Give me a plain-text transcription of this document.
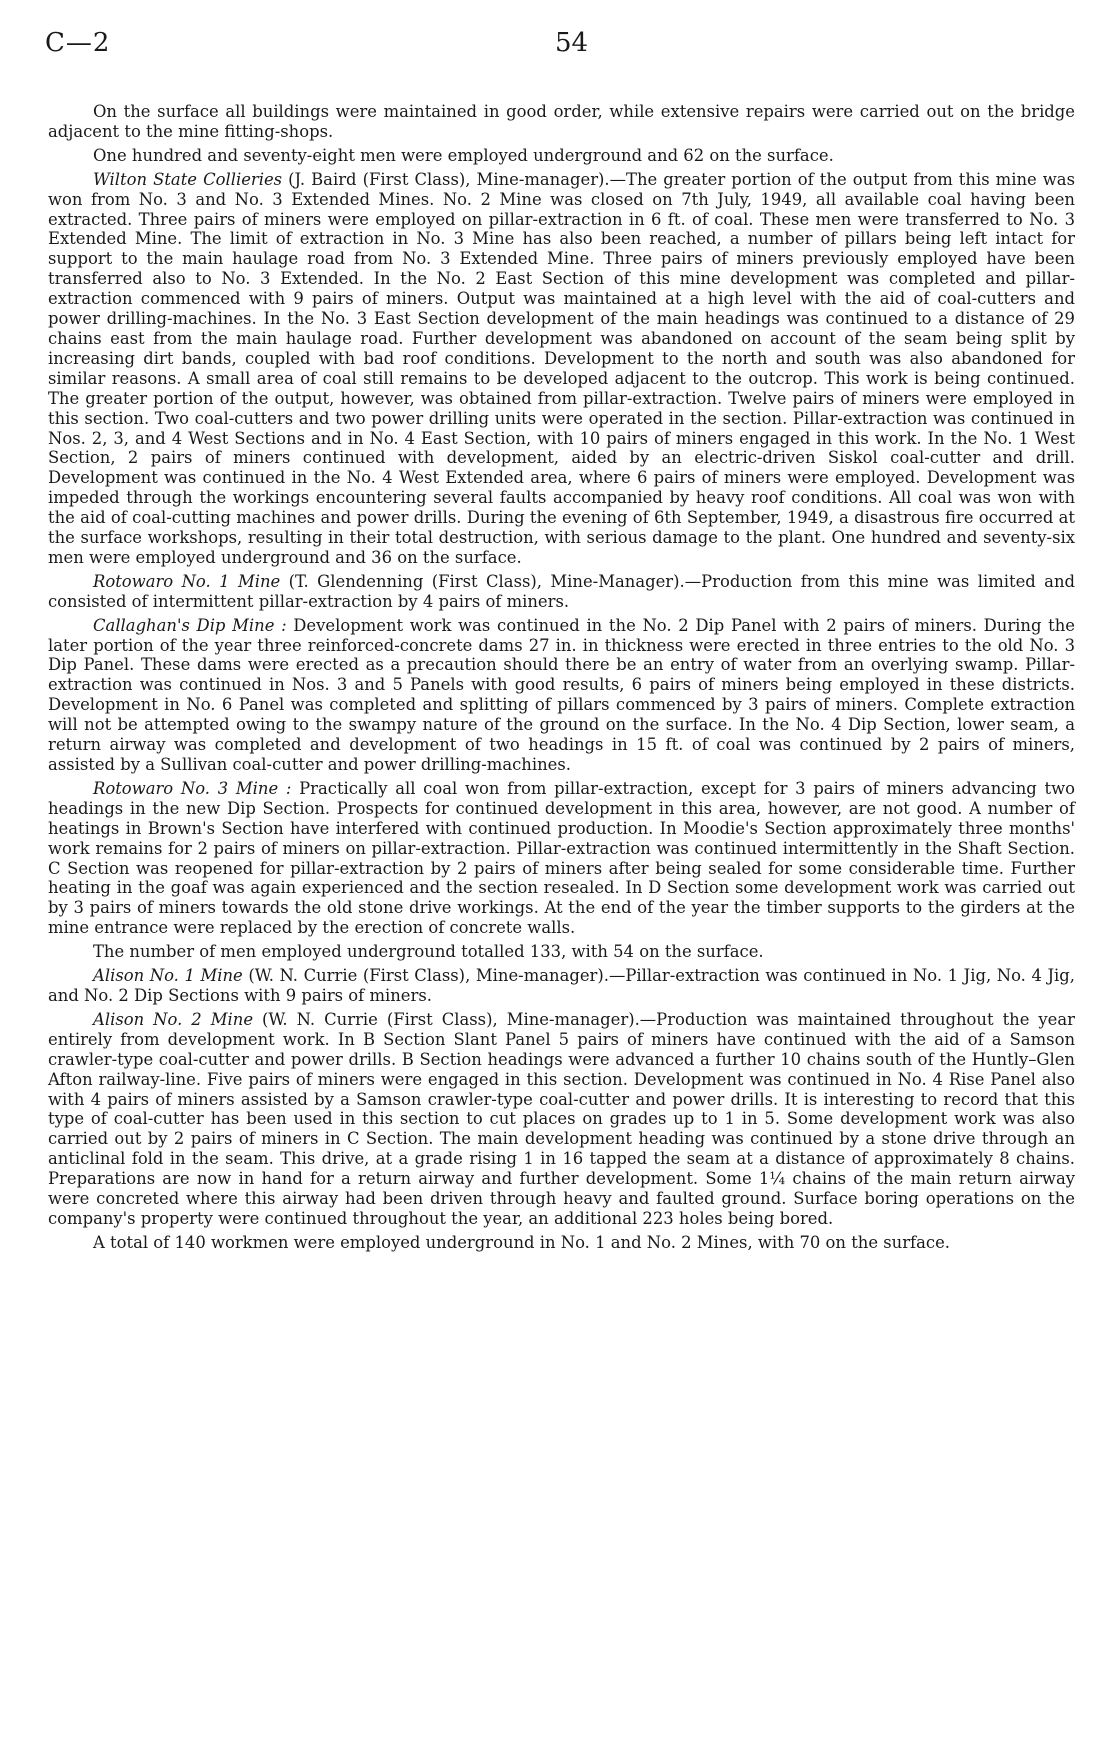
C—2	54

On the surface all buildings were maintained in good order, while extensive repairs were carried out on the bridge adjacent to the mine fitting-shops.

One hundred and seventy-eight men were employed underground and 62 on the surface.

Wilton State Collieries (J. Baird (First Class), Mine-manager).—The greater portion of the output from this mine was won from No. 3 and No. 3 Extended Mines. No. 2 Mine was closed on 7th July, 1949, all available coal having been extracted. Three pairs of miners were employed on pillar-extraction in 6 ft. of coal. These men were transferred to No. 3 Extended Mine. The limit of extraction in No. 3 Mine has also been reached, a number of pillars being left intact for support to the main haulage road from No. 3 Extended Mine. Three pairs of miners previously employed have been transferred also to No. 3 Extended. In the No. 2 East Section of this mine development was completed and pillar-extraction commenced with 9 pairs of miners. Output was maintained at a high level with the aid of coal-cutters and power drilling-machines. In the No. 3 East Section development of the main headings was continued to a distance of 29 chains east from the main haulage road. Further development was abandoned on account of the seam being split by increasing dirt bands, coupled with bad roof conditions. Development to the north and south was also abandoned for similar reasons. A small area of coal still remains to be developed adjacent to the outcrop. This work is being continued. The greater portion of the output, however, was obtained from pillar-extraction. Twelve pairs of miners were employed in this section. Two coal-cutters and two power drilling units were operated in the section. Pillar-extraction was continued in Nos. 2, 3, and 4 West Sections and in No. 4 East Section, with 10 pairs of miners engaged in this work. In the No. 1 West Section, 2 pairs of miners continued with development, aided by an electric-driven Siskol coal-cutter and drill. Development was continued in the No. 4 West Extended area, where 6 pairs of miners were employed. Development was impeded through the workings encountering several faults accompanied by heavy roof conditions. All coal was won with the aid of coal-cutting machines and power drills. During the evening of 6th September, 1949, a disastrous fire occurred at the surface workshops, resulting in their total destruction, with serious damage to the plant. One hundred and seventy-six men were employed underground and 36 on the surface.

Rotowaro No. 1 Mine (T. Glendenning (First Class), Mine-Manager).—Production from this mine was limited and consisted of intermittent pillar-extraction by 4 pairs of miners.

Callaghan's Dip Mine : Development work was continued in the No. 2 Dip Panel with 2 pairs of miners. During the later portion of the year three reinforced-concrete dams 27 in. in thickness were erected in three entries to the old No. 3 Dip Panel. These dams were erected as a precaution should there be an entry of water from an overlying swamp. Pillar-extraction was continued in Nos. 3 and 5 Panels with good results, 6 pairs of miners being employed in these districts. Development in No. 6 Panel was completed and splitting of pillars commenced by 3 pairs of miners. Complete extraction will not be attempted owing to the swampy nature of the ground on the surface. In the No. 4 Dip Section, lower seam, a return airway was completed and development of two headings in 15 ft. of coal was continued by 2 pairs of miners, assisted by a Sullivan coal-cutter and power drilling-machines.

Rotowaro No. 3 Mine : Practically all coal won from pillar-extraction, except for 3 pairs of miners advancing two headings in the new Dip Section. Prospects for continued development in this area, however, are not good. A number of heatings in Brown's Section have interfered with continued production. In Moodie's Section approximately three months' work remains for 2 pairs of miners on pillar-extraction. Pillar-extraction was continued intermittently in the Shaft Section. C Section was reopened for pillar-extraction by 2 pairs of miners after being sealed for some considerable time. Further heating in the goaf was again experienced and the section resealed. In D Section some development work was carried out by 3 pairs of miners towards the old stone drive workings. At the end of the year the timber supports to the girders at the mine entrance were replaced by the erection of concrete walls.

The number of men employed underground totalled 133, with 54 on the surface.

Alison No. 1 Mine (W. N. Currie (First Class), Mine-manager).—Pillar-extraction was continued in No. 1 Jig, No. 4 Jig, and No. 2 Dip Sections with 9 pairs of miners.

Alison No. 2 Mine (W. N. Currie (First Class), Mine-manager).—Production was maintained throughout the year entirely from development work. In B Section Slant Panel 5 pairs of miners have continued with the aid of a Samson crawler-type coal-cutter and power drills. B Section headings were advanced a further 10 chains south of the Huntly–Glen Afton railway-line. Five pairs of miners were engaged in this section. Development was continued in No. 4 Rise Panel also with 4 pairs of miners assisted by a Samson crawler-type coal-cutter and power drills. It is interesting to record that this type of coal-cutter has been used in this section to cut places on grades up to 1 in 5. Some development work was also carried out by 2 pairs of miners in C Section. The main development heading was continued by a stone drive through an anticlinal fold in the seam. This drive, at a grade rising 1 in 16 tapped the seam at a distance of approximately 8 chains. Preparations are now in hand for a return airway and further development. Some 1¼ chains of the main return airway were concreted where this airway had been driven through heavy and faulted ground. Surface boring operations on the company's property were continued throughout the year, an additional 223 holes being bored.

A total of 140 workmen were employed underground in No. 1 and No. 2 Mines, with 70 on the surface.
